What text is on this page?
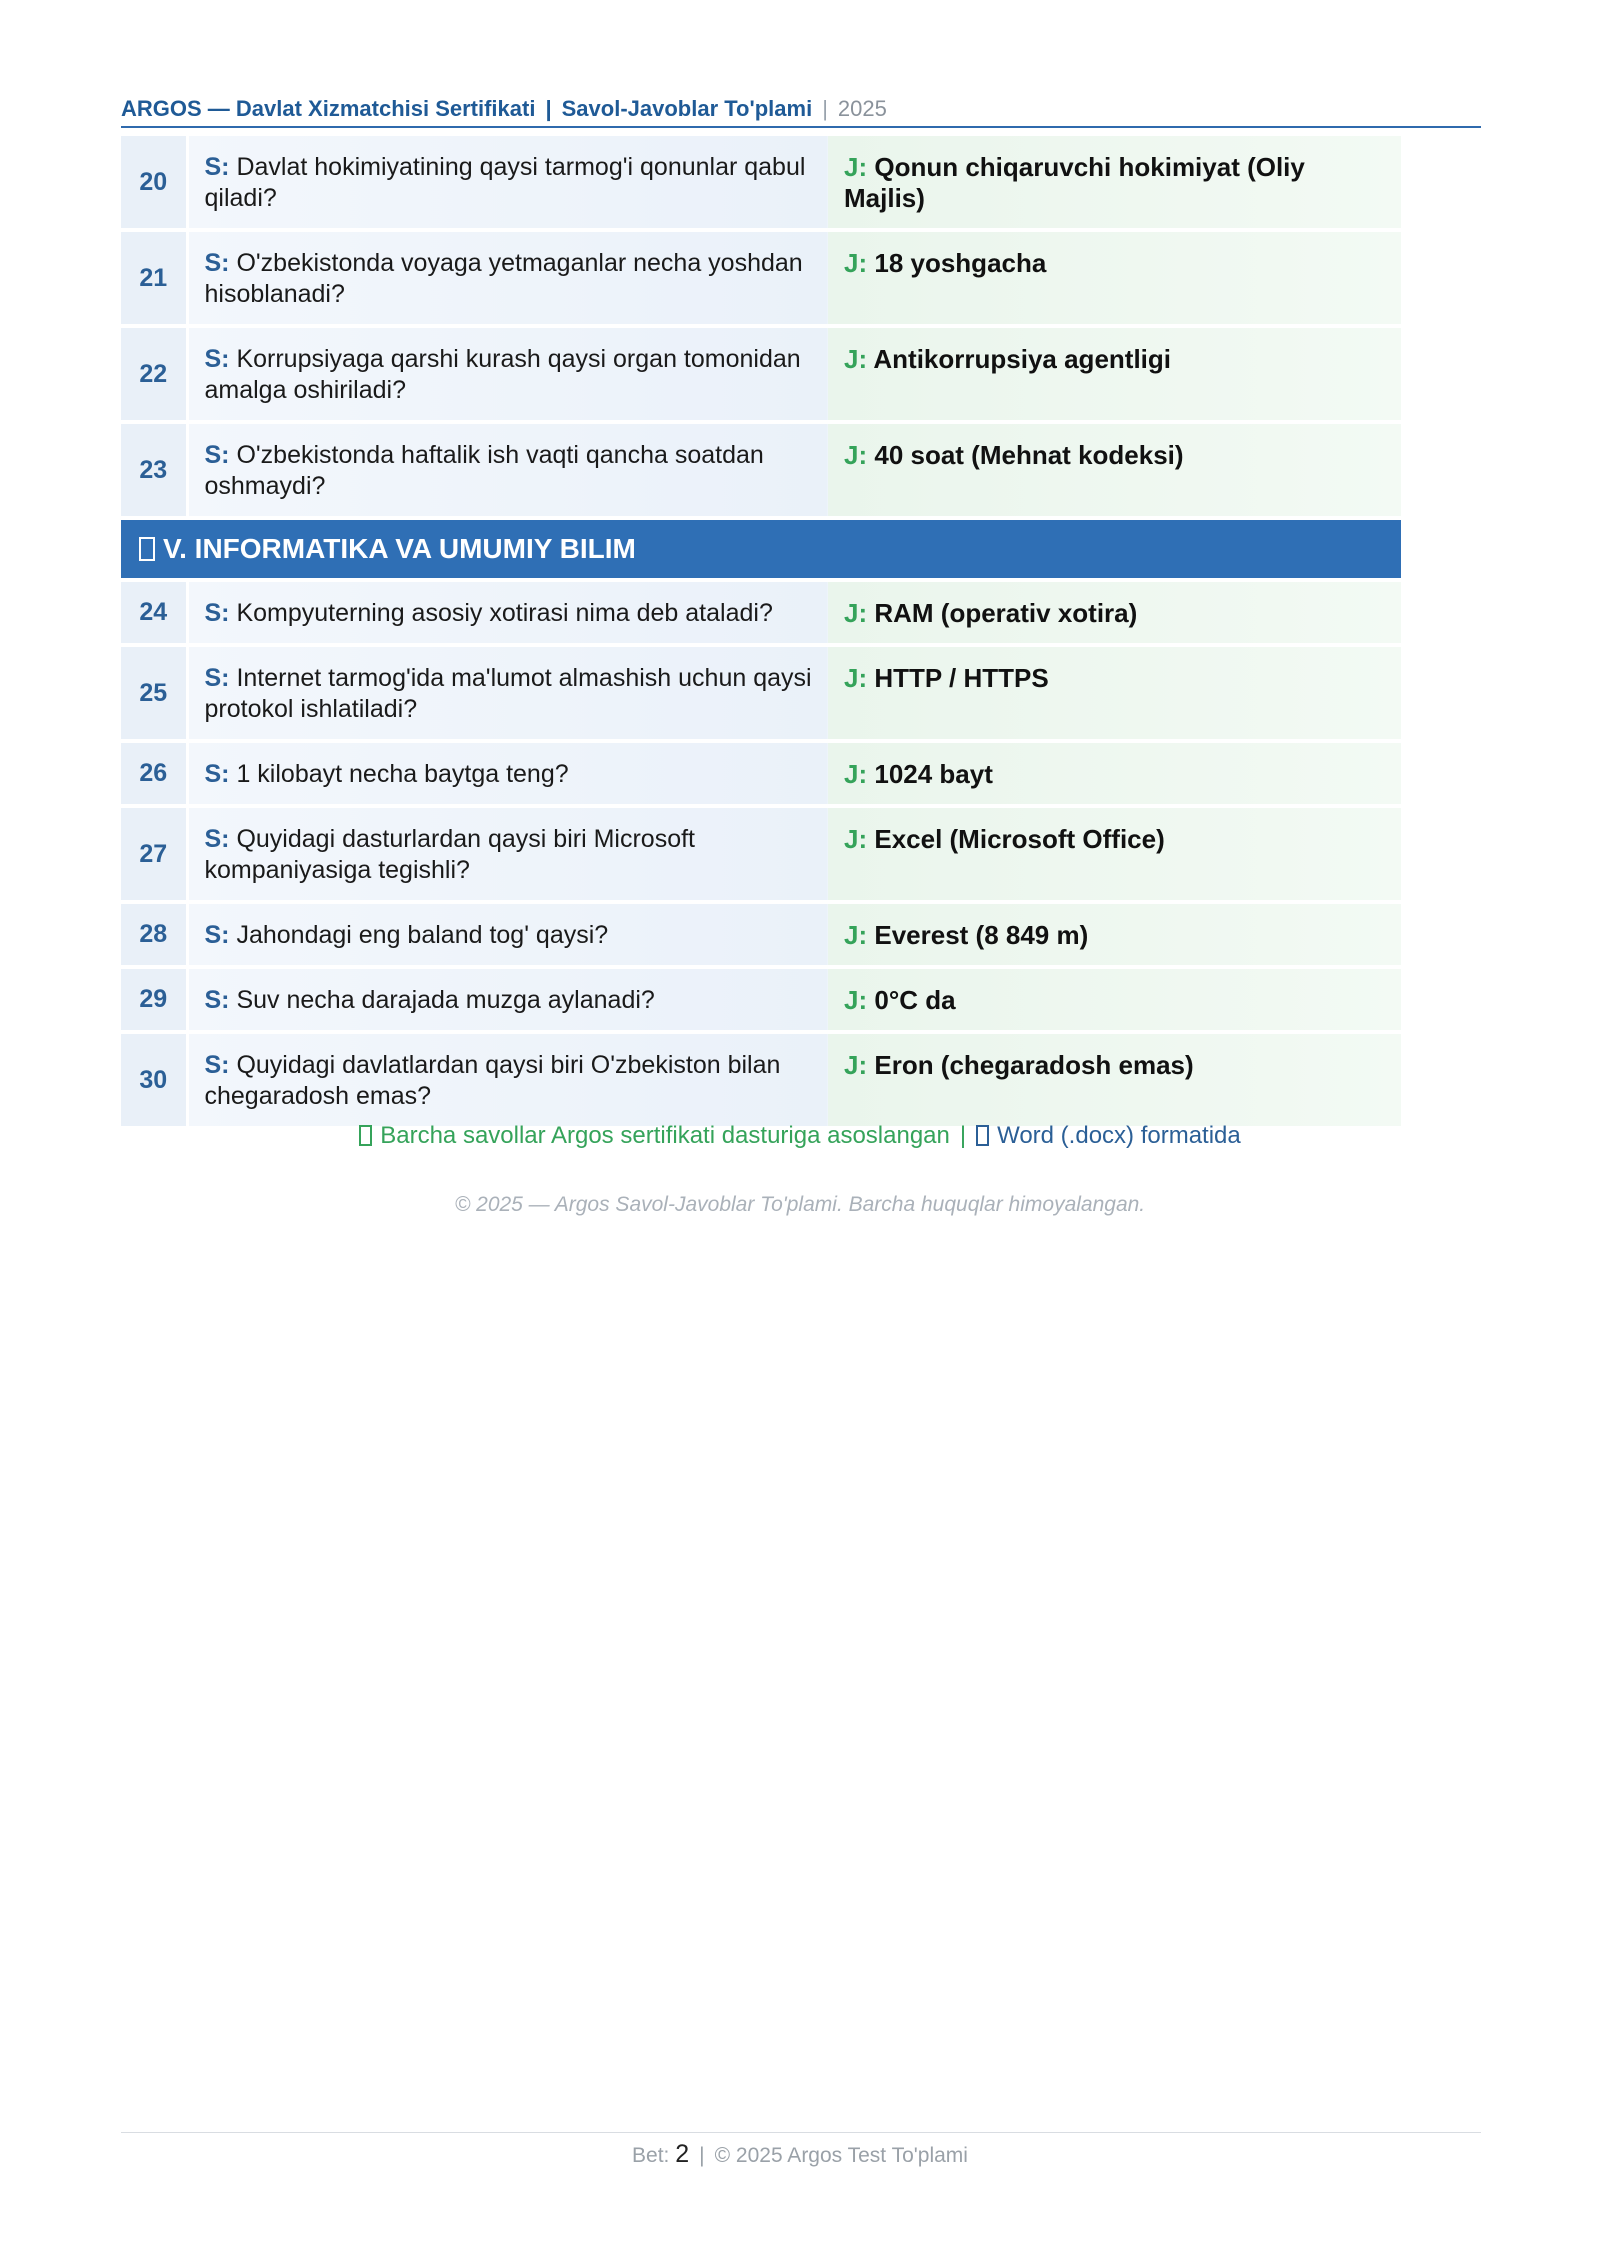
ARGOS — Davlat Xizmatchisi Sertifikati | Savol-Javoblar To'plami | 2025
20	S: Davlat hokimiyatining qaysi tarmog'i qonunlar qabul qiladi?	J: Qonun chiqaruvchi hokimiyat (Oliy Majlis)
21	S: O'zbekistonda voyaga yetmaganlar necha yoshdan hisoblanadi?	J: 18 yoshgacha
22	S: Korrupsiyaga qarshi kurash qaysi organ tomonidan amalga oshiriladi?	J: Antikorrupsiya agentligi
23	S: O'zbekistonda haftalik ish vaqti qancha soatdan oshmaydi?	J: 40 soat (Mehnat kodeksi)
V. INFORMATIKA VA UMUMIY BILIM		
24	S: Kompyuterning asosiy xotirasi nima deb ataladi?	J: RAM (operativ xotira)
25	S: Internet tarmog'ida ma'lumot almashish uchun qaysi protokol ishlatiladi?	J: HTTP / HTTPS
26	S: 1 kilobayt necha baytga teng?	J: 1024 bayt
27	S: Quyidagi dasturlardan qaysi biri Microsoft kompaniyasiga tegishli?	J: Excel (Microsoft Office)
28	S: Jahondagi eng baland tog' qaysi?	J: Everest (8 849 m)
29	S: Suv necha darajada muzga aylanadi?	J: 0°C da
30	S: Quyidagi davlatlardan qaysi biri O'zbekiston bilan chegaradosh emas?	J: Eron (chegaradosh emas)
Barcha savollar Argos sertifikati dasturiga asoslangan | Word (.docx) formatida
© 2025 — Argos Savol-Javoblar To'plami. Barcha huquqlar himoyalangan.
Bet: 2 | © 2025 Argos Test To'plami
